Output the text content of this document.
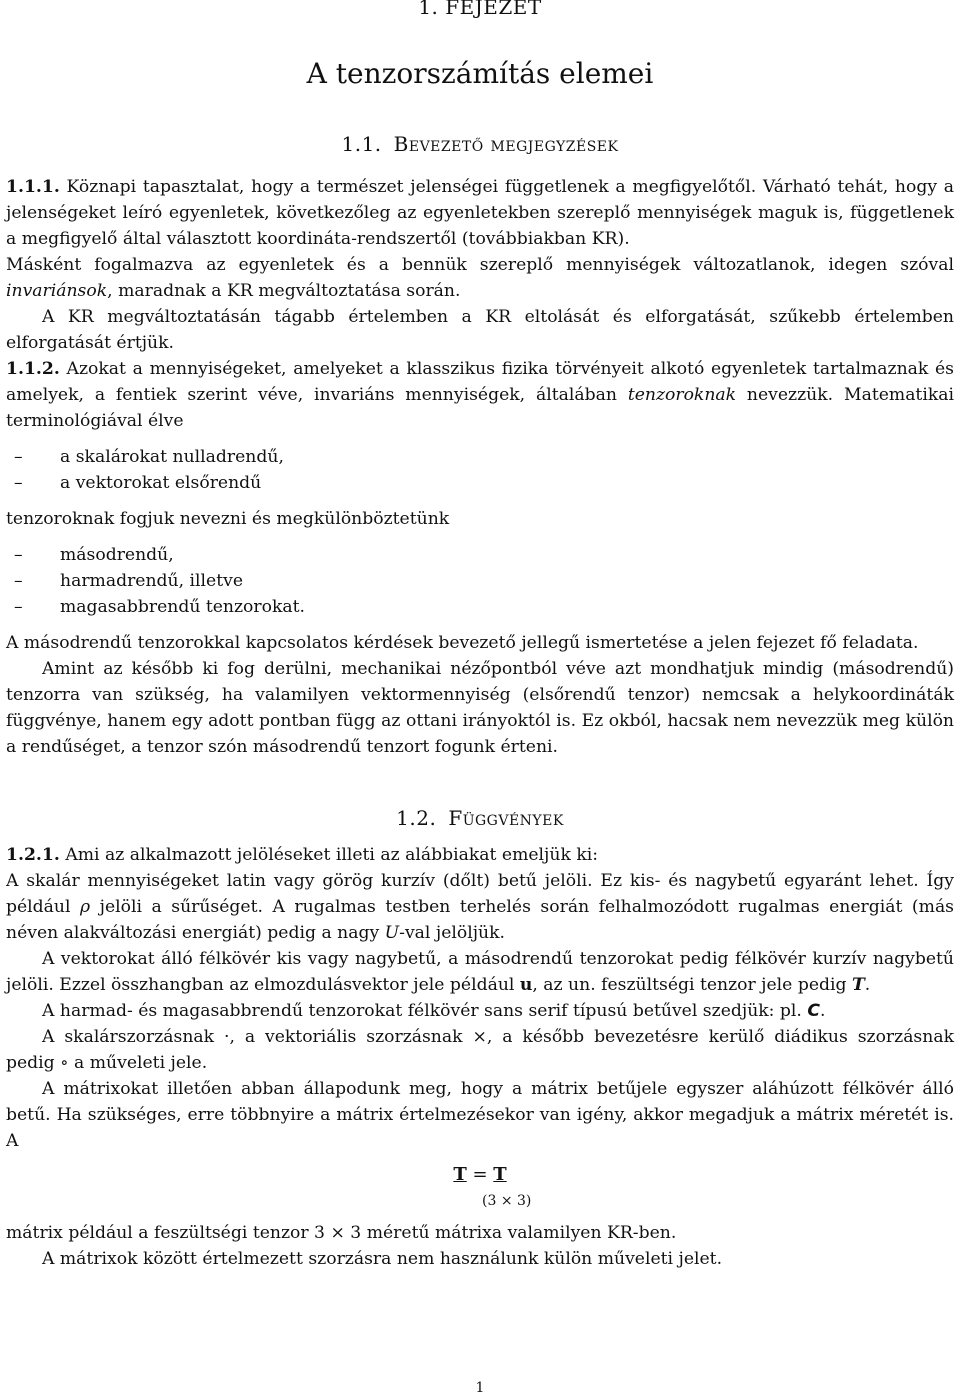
1. FEJEZET
A tenzorszámítás elemei
1.1. Bevezető megjegyzések

1.1.1. Köznapi tapasztalat, hogy a természet jelenségei függetlenek a megfigyelőtől. Várható tehát, hogy a jelenségeket leíró egyenletek, következőleg az egyenletekben szereplő mennyiségek maguk is, függetlenek a megfigyelő által választott koordináta-rendszertől (továbbiakban KR).

Másként fogalmazva az egyenletek és a bennük szereplő mennyiségek változatlanok, idegen szóval invariánsok, maradnak a KR megváltoztatása során.

A KR megváltoztatásán tágabb értelemben a KR eltolását és elforgatását, szűkebb értelemben elforgatását értjük.

1.1.2. Azokat a mennyiségeket, amelyeket a klasszikus fizika törvényeit alkotó egyenletek tartalmaznak és amelyek, a fentiek szerint véve, invariáns mennyiségek, általában tenzoroknak nevezzük. Matematikai terminológiával élve

– a skalárokat nulladrendű,
– a vektorokat elsőrendű

tenzoroknak fogjuk nevezni és megkülönböztetünk

– másodrendű,
– harmadrendű, illetve
– magasabbrendű tenzorokat.

A másodrendű tenzorokkal kapcsolatos kérdések bevezető jellegű ismertetése a jelen fejezet fő feladata.

Amint az később ki fog derülni, mechanikai nézőpontból véve azt mondhatjuk mindig (másodrendű) tenzorra van szükség, ha valamilyen vektormennyiség (elsőrendű tenzor) nemcsak a helykoordináták függvénye, hanem egy adott pontban függ az ottani irányoktól is. Ez okból, hacsak nem nevezzük meg külön a rendűséget, a tenzor szón másodrendű tenzort fogunk érteni.

1.2. Függvények

1.2.1. Ami az alkalmazott jelöléseket illeti az alábbiakat emeljük ki:

A skalár mennyiségeket latin vagy görög kurzív (dőlt) betű jelöli. Ez kis- és nagybetű egyaránt lehet. Így például ρ jelöli a sűrűséget. A rugalmas testben terhelés során felhalmozódott rugalmas energiát (más néven alakváltozási energiát) pedig a nagy U-val jelöljük.

A vektorokat álló félkövér kis vagy nagybetű, a másodrendű tenzorokat pedig félkövér kurzív nagybetű jelöli. Ezzel összhangban az elmozdulásvektor jele például u, az un. feszültségi tenzor jele pedig T.

A harmad- és magasabbrendű tenzorokat félkövér sans serif típusú betűvel szedjük: pl. C.

A skalárszorzásnak ·, a vektoriális szorzásnak ×, a később bevezetésre kerülő diádikus szorzásnak pedig ∘ a műveleti jele.

A mátrixokat illetően abban állapodunk meg, hogy a mátrix betűjele egyszer aláhúzott félkövér álló betű. Ha szükséges, erre többnyire a mátrix értelmezésekor van igény, akkor megadjuk a mátrix méretét is. A

T = T
(3 × 3)

mátrix például a feszültségi tenzor 3 × 3 méretű mátrixa valamilyen KR-ben.

A mátrixok között értelmezett szorzásra nem használunk külön műveleti jelet.

1
